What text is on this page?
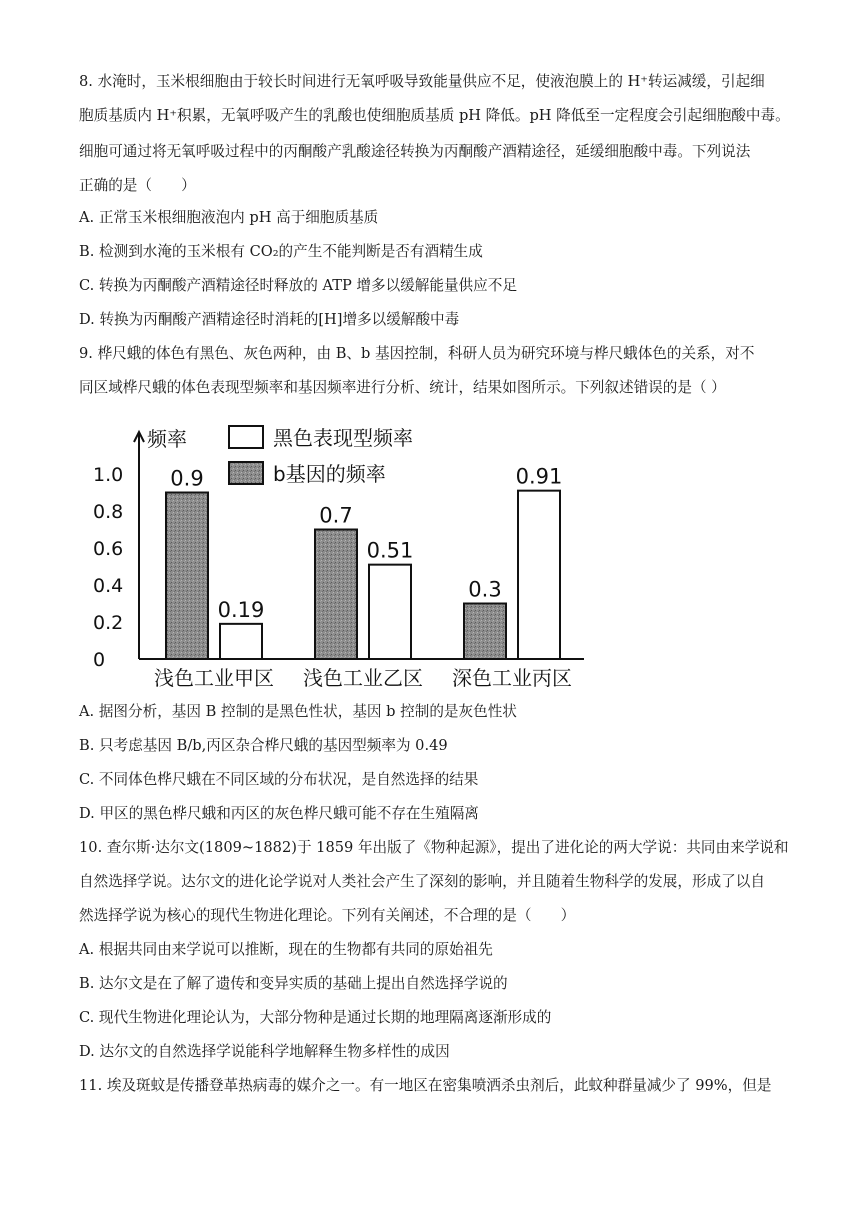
8. 水淹时，玉米根细胞由于较长时间进行无氧呼吸导致能量供应不足，使液泡膜上的 H⁺转运减缓，引起细
胞质基质内 H⁺积累，无氧呼吸产生的乳酸也使细胞质基质 pH 降低。pH 降低至一定程度会引起细胞酸中毒。
细胞可通过将无氧呼吸过程中的丙酮酸产乳酸途径转换为丙酮酸产酒精途径，延缓细胞酸中毒。下列说法
正确的是（　　）
A. 正常玉米根细胞液泡内 pH 高于细胞质基质
B. 检测到水淹的玉米根有 CO₂的产生不能判断是否有酒精生成
C. 转换为丙酮酸产酒精途径时释放的 ATP 增多以缓解能量供应不足
D. 转换为丙酮酸产酒精途径时消耗的[H]增多以缓解酸中毒
9. 桦尺蛾的体色有黑色、灰色两种，由 B、b 基因控制，科研人员为研究环境与桦尺蛾体色的关系，对不
同区域桦尺蛾的体色表现型频率和基因频率进行分析、统计，结果如图所示。下列叙述错误的是（ ）
频率
0
0.2
0.4
0.6
0.8
1.0 0.9
0.19
浅色工业甲区
0.7
0.51
浅色工业乙区
0.3
0.91
深色工业丙区
黑色表现型频率
b基因的频率
A. 据图分析，基因 B 控制的是黑色性状，基因 b 控制的是灰色性状
B. 只考虑基因 B/b,丙区杂合桦尺蛾的基因型频率为 0.49
C. 不同体色桦尺蛾在不同区域的分布状况，是自然选择的结果
D. 甲区的黑色桦尺蛾和丙区的灰色桦尺蛾可能不存在生殖隔离
10. 查尔斯·达尔文(1809~1882)于 1859 年出版了《物种起源》，提出了进化论的两大学说：共同由来学说和
自然选择学说。达尔文的进化论学说对人类社会产生了深刻的影响，并且随着生物科学的发展，形成了以自
然选择学说为核心的现代生物进化理论。下列有关阐述，不合理的是（　　）
A. 根据共同由来学说可以推断，现在的生物都有共同的原始祖先
B. 达尔文是在了解了遗传和变异实质的基础上提出自然选择学说的
C. 现代生物进化理论认为，大部分物种是通过长期的地理隔离逐渐形成的
D. 达尔文的自然选择学说能科学地解释生物多样性的成因
11. 埃及斑蚊是传播登革热病毒的媒介之一。有一地区在密集喷洒杀虫剂后，此蚊种群量减少了 99%，但是
